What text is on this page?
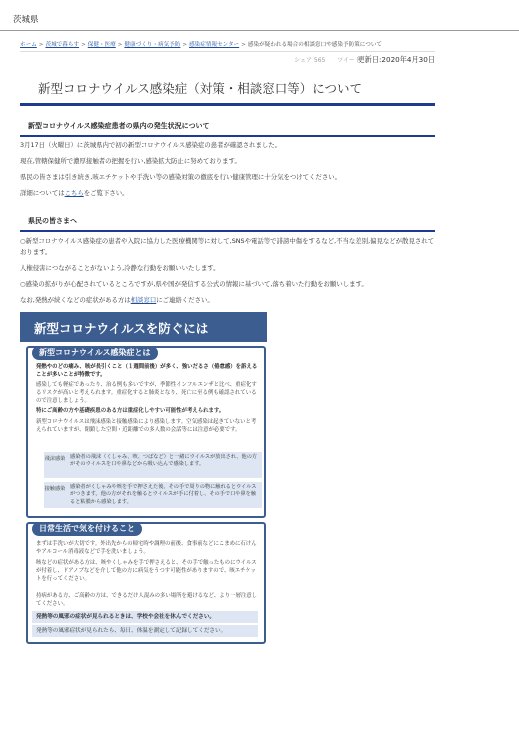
茨城県
ホーム > 茨城で暮らす > 保健・医療 > 健康づくり・病気予防 > 感染症情報センター > 感染が疑われる場合の相談窓口や感染予防策について
シェア 565 ツイート
更新日:2020年4月30日
新型コロナウイルス感染症（対策・相談窓口等）について
新型コロナウイルス感染症患者の県内の発生状況について
3月17日（火曜日）に茨城県内で初の新型コロナウイルス感染症の患者が確認されました。
現在,管轄保健所で濃厚接触者の把握を行い,感染拡大防止に努めております。
県民の皆さまは引き続き,咳エチケットや手洗い等の感染対策の徹底を行い健康管理に十分気をつけてください。
詳細についてはこちらをご覧下さい。
県民の皆さまへ
○新型コロナウイルス感染症の患者や入院に協力した医療機関等に対して,SNSや電話等で誹謗中傷をするなど,不当な差別,偏見などが散見されております。
人権侵害につながることがないよう,冷静な行動をお願いいたします。
○感染の拡がりが心配されているところですが,県や国が発信する公式の情報に基づいて,落ち着いた行動をお願いします。
なお,発熱が続くなどの症状がある方は相談窓口にご連絡ください。
新型コロナウイルスを防ぐには
新型コロナウイルス感染症とは
発熱やのどの痛み、咳が長引くこと（１週間前後）が多く、強いだるさ（倦怠感）を訴えることが多いことが特徴です。
感染しても軽症であったり、治る例も多いですが、季節性インフルエンザと比べ、重症化するリスクが高いと考えられます。重症化すると肺炎となり、死亡に至る例も確認されているので注意しましょう。
特にご高齢の方や基礎疾患のある方は重症化しやすい可能性が考えられます。
新型コロナウイルスは飛沫感染と接触感染により感染します。空気感染は起きていないと考えられていますが、閉鎖した空間・近距離での多人数の会話等には注意が必要です。
飛沫感染 感染者の飛沫（くしゃみ、咳、つばなど）と一緒にウイルスが放出され、他の方がそのウイルスを口や鼻などから吸い込んで感染します。
接触感染 感染者がくしゃみや咳を手で押さえた後、その手で周りの物に触れるとウイルスがつきます。他の方がそれを触るとウイルスが手に付着し、その手で口や鼻を触ると粘膜から感染します。
日常生活で気を付けること
まずは手洗いが大切です。外出先からの帰宅時や調理の前後、食事前などにこまめに石けんやアルコール消毒液などで手を洗いましょう。
咳などの症状がある方は、咳やくしゃみを手で押さえると、その手で触ったものにウイルスが付着し、ドアノブなどを介して他の方に病気をうつす可能性がありますので、咳エチケットを行ってください。
持病がある方、ご高齢の方は、できるだけ人混みの多い場所を避けるなど、より一層注意してください。
発熱等の風邪の症状が見られるときは、学校や会社を休んでください。
発熱等の風邪症状が見られたら、毎日、体温を測定して記録してください。
